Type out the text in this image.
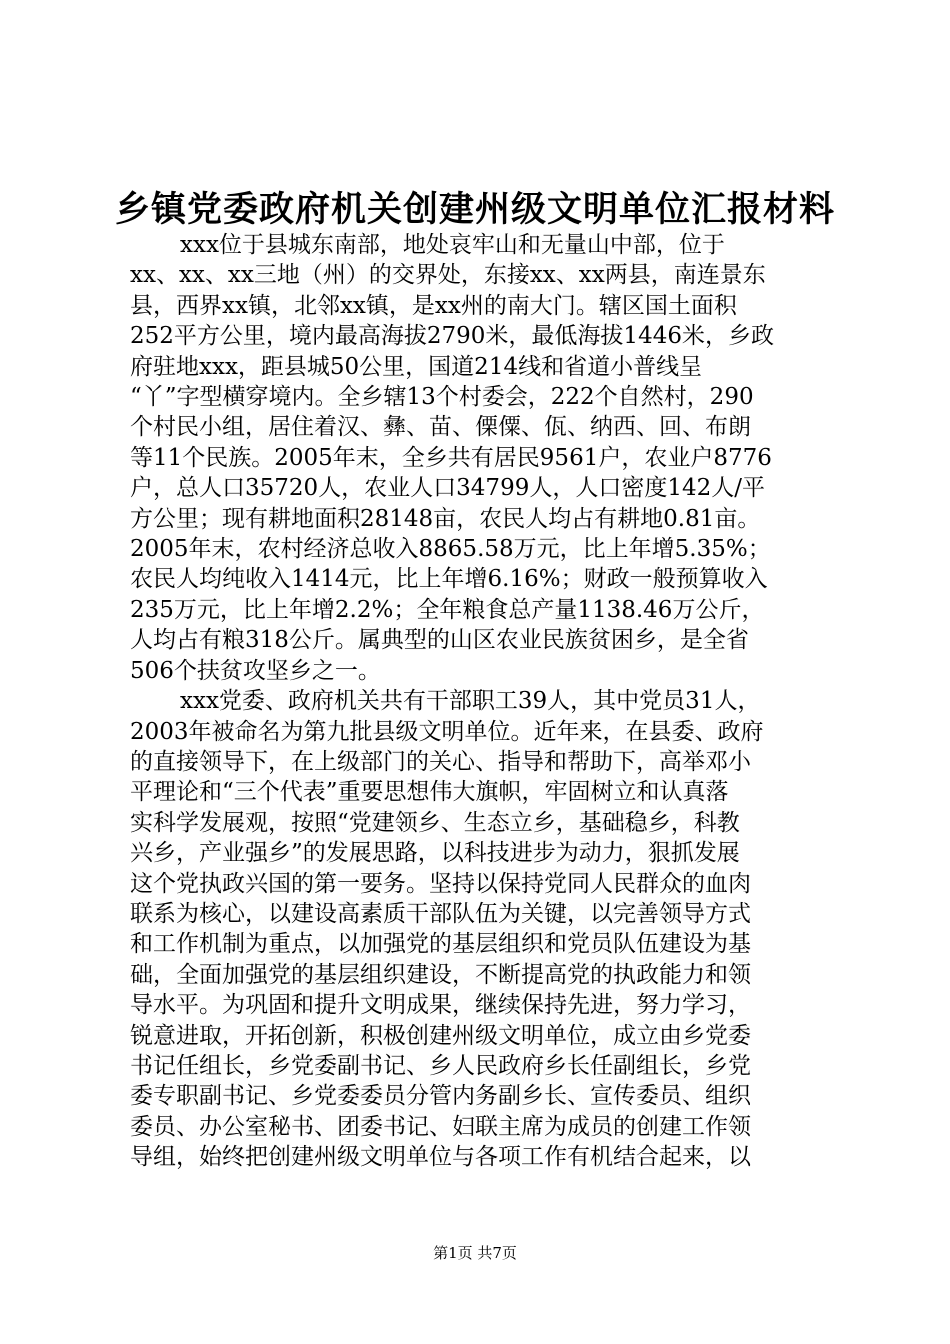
乡镇党委政府机关创建州级文明单位汇报材料

xxx位于县城东南部，地处哀牢山和无量山中部，位于
xx、xx、xx三地（州）的交界处，东接xx、xx两县，南连景东
县，西界xx镇，北邻xx镇，是xx州的南大门。辖区国土面积
252平方公里，境内最高海拔2790米，最低海拔1446米，乡政
府驻地xxx，距县城50公里，国道214线和省道小普线呈
“丫”字型横穿境内。全乡辖13个村委会，222个自然村，290
个村民小组，居住着汉、彝、苗、傈僳、佤、纳西、回、布朗
等11个民族。2005年末，全乡共有居民9561户，农业户8776
户，总人口35720人，农业人口34799人，人口密度142人/平
方公里；现有耕地面积28148亩，农民人均占有耕地0.81亩。
2005年末，农村经济总收入8865.58万元，比上年增5.35%；
农民人均纯收入1414元，比上年增6.16%；财政一般预算收入
235万元，比上年增2.2%；全年粮食总产量1138.46万公斤，
人均占有粮318公斤。属典型的山区农业民族贫困乡，是全省
506个扶贫攻坚乡之一。

xxx党委、政府机关共有干部职工39人，其中党员31人，
2003年被命名为第九批县级文明单位。近年来，在县委、政府
的直接领导下，在上级部门的关心、指导和帮助下，高举邓小
平理论和“三个代表”重要思想伟大旗帜，牢固树立和认真落
实科学发展观，按照“党建领乡、生态立乡，基础稳乡，科教
兴乡，产业强乡”的发展思路，以科技进步为动力，狠抓发展
这个党执政兴国的第一要务。坚持以保持党同人民群众的血肉
联系为核心，以建设高素质干部队伍为关键，以完善领导方式
和工作机制为重点，以加强党的基层组织和党员队伍建设为基
础，全面加强党的基层组织建设，不断提高党的执政能力和领
导水平。为巩固和提升文明成果，继续保持先进，努力学习，
锐意进取，开拓创新，积极创建州级文明单位，成立由乡党委
书记任组长，乡党委副书记、乡人民政府乡长任副组长，乡党
委专职副书记、乡党委委员分管内务副乡长、宣传委员、组织
委员、办公室秘书、团委书记、妇联主席为成员的创建工作领
导组，始终把创建州级文明单位与各项工作有机结合起来，以

第1页 共7页
